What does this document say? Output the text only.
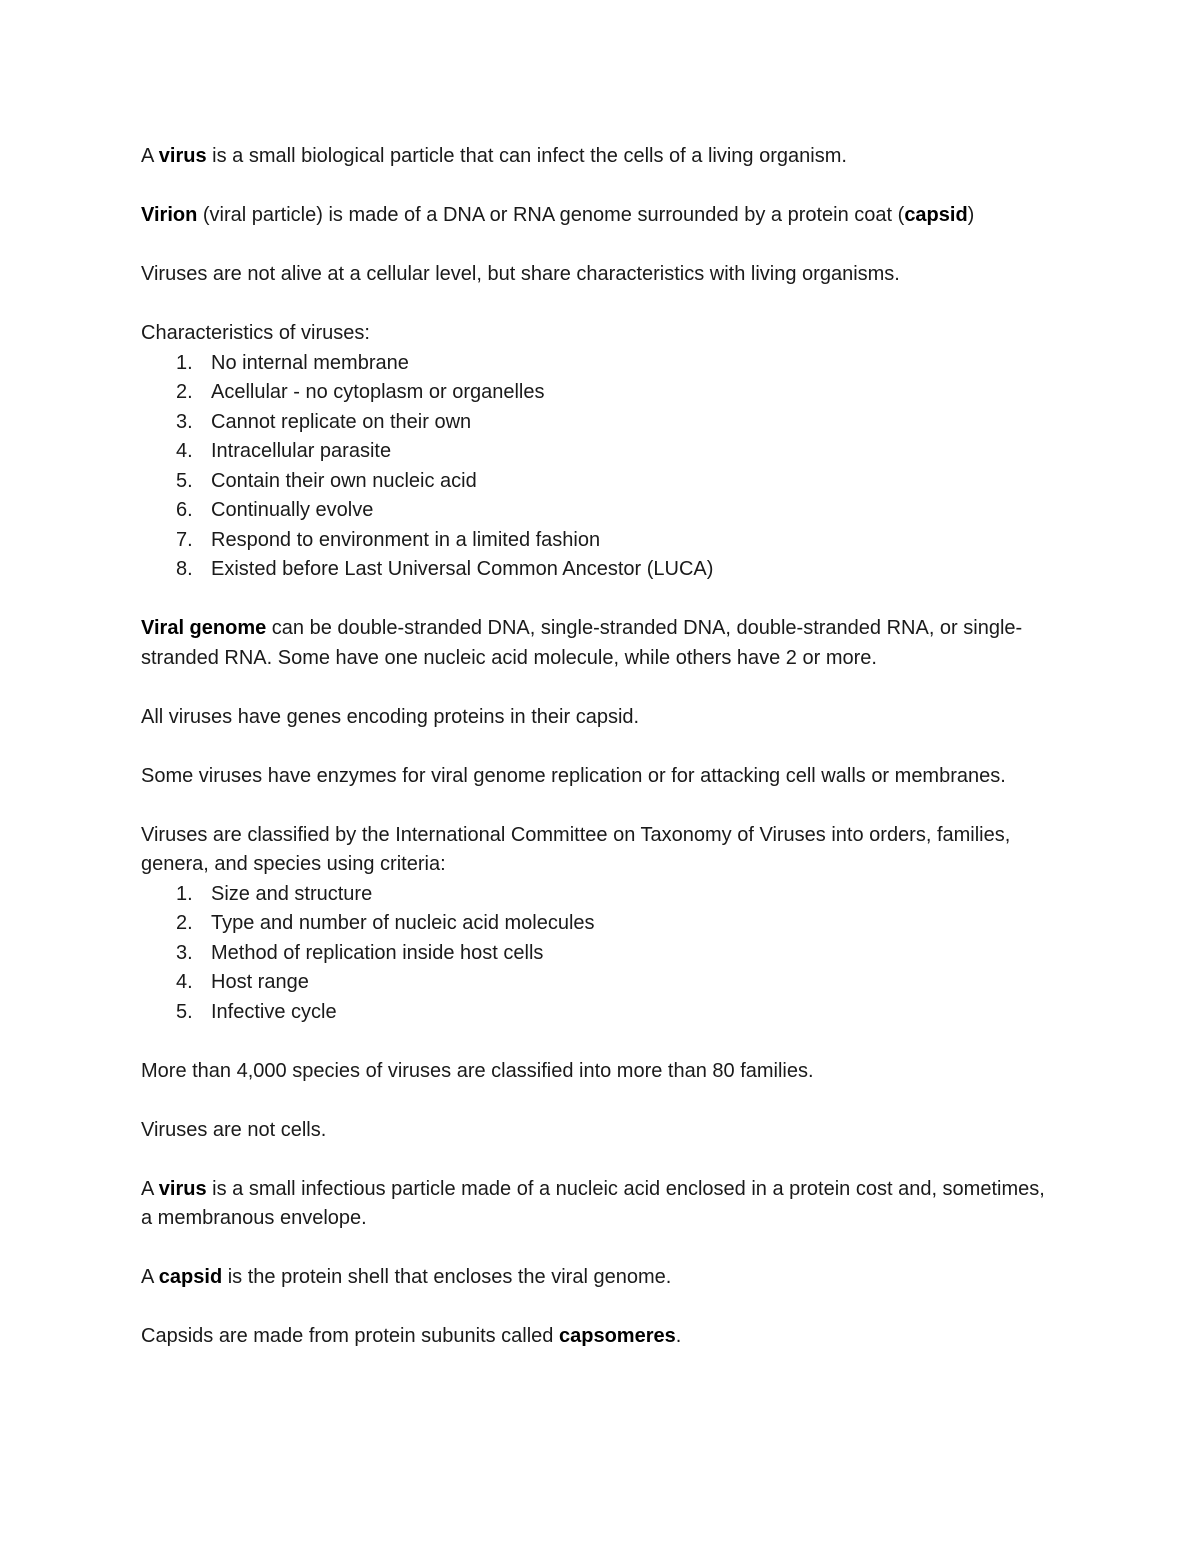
A virus is a small biological particle that can infect the cells of a living organism.

Virion (viral particle) is made of a DNA or RNA genome surrounded by a protein coat (capsid)

Viruses are not alive at a cellular level, but share characteristics with living organisms.

Characteristics of viruses:

1. No internal membrane
2. Acellular - no cytoplasm or organelles
3. Cannot replicate on their own
4. Intracellular parasite
5. Contain their own nucleic acid
6. Continually evolve
7. Respond to environment in a limited fashion
8. Existed before Last Universal Common Ancestor (LUCA)

Viral genome can be double-stranded DNA, single-stranded DNA, double-stranded RNA, or single-stranded RNA. Some have one nucleic acid molecule, while others have 2 or more.

All viruses have genes encoding proteins in their capsid.

Some viruses have enzymes for viral genome replication or for attacking cell walls or membranes.

Viruses are classified by the International Committee on Taxonomy of Viruses into orders, families, genera, and species using criteria:

1. Size and structure
2. Type and number of nucleic acid molecules
3. Method of replication inside host cells
4. Host range
5. Infective cycle

More than 4,000 species of viruses are classified into more than 80 families.

Viruses are not cells.

A virus is a small infectious particle made of a nucleic acid enclosed in a protein cost and, sometimes, a membranous envelope.

A capsid is the protein shell that encloses the viral genome.

Capsids are made from protein subunits called capsomeres.
